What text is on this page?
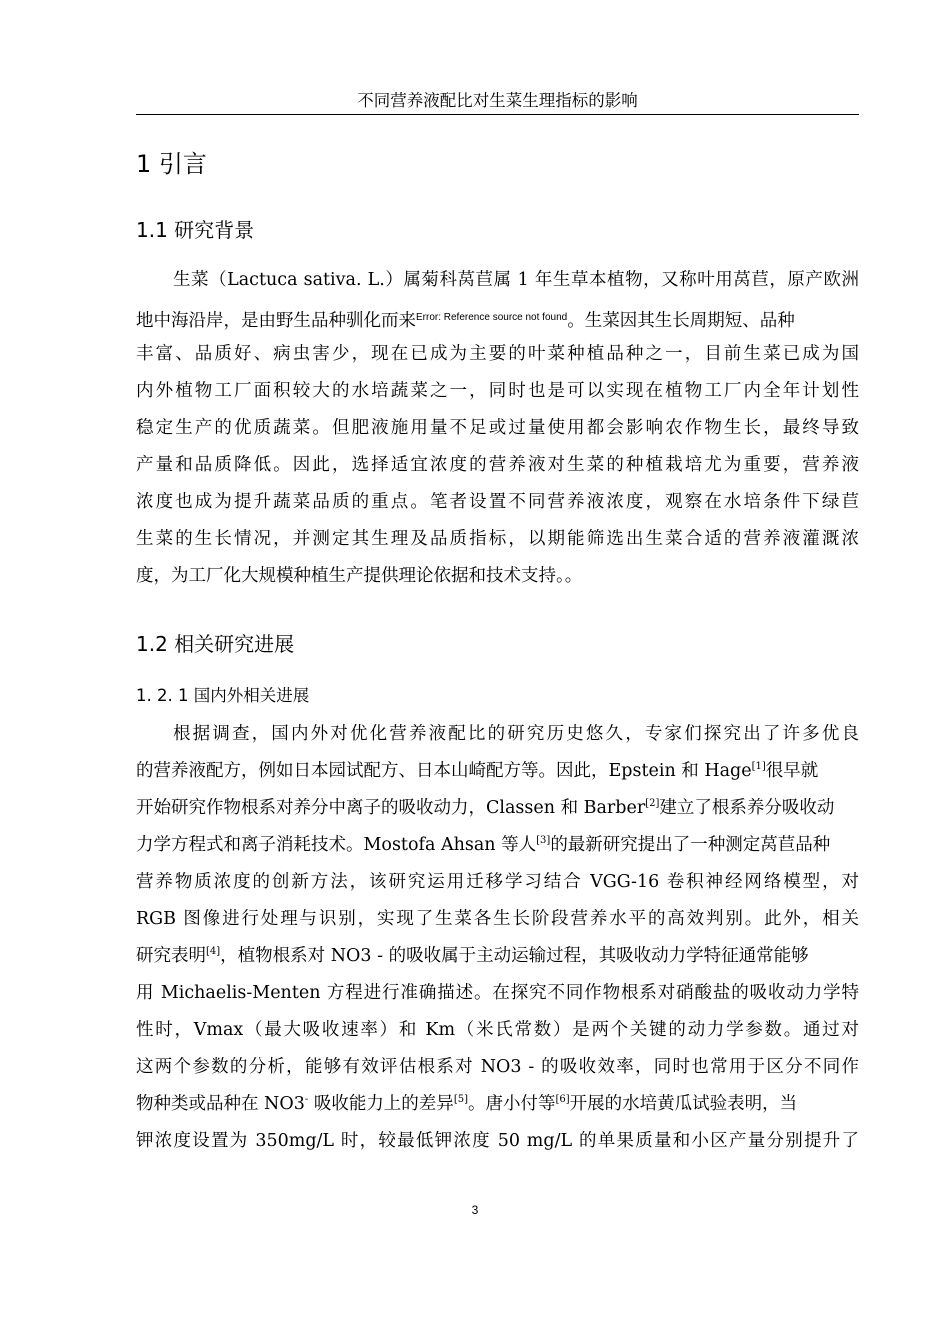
不同营养液配比对生菜生理指标的影响
1 引言
1.1 研究背景
生菜（Lactuca sativa. L.）属菊科莴苣属 1 年生草本植物，又称叶用莴苣，原产欧洲
地中海沿岸，是由野生品种驯化而来$^{Error: Reference source not found}$。生菜因其生长周期短、品种
丰富、品质好、病虫害少，现在已成为主要的叶菜种植品种之一，目前生菜已成为国
内外植物工厂面积较大的水培蔬菜之一，同时也是可以实现在植物工厂内全年计划性
稳定生产的优质蔬菜。但肥液施用量不足或过量使用都会影响农作物生长，最终导致
产量和品质降低。因此，选择适宜浓度的营养液对生菜的种植栽培尤为重要，营养液
浓度也成为提升蔬菜品质的重点。笔者设置不同营养液浓度，观察在水培条件下绿苣
生菜的生长情况，并测定其生理及品质指标，以期能筛选出生菜合适的营养液灌溉浓
度，为工厂化大规模种植生产提供理论依据和技术支持。。
1.2 相关研究进展
1. 2. 1 国内外相关进展
根据调查，国内外对优化营养液配比的研究历史悠久，专家们探究出了许多优良
的营养液配方，例如日本园试配方、日本山崎配方等。因此，Epstein 和 Hage[1]很早就
开始研究作物根系对养分中离子的吸收动力，Classen 和 Barber[2]建立了根系养分吸收动
力学方程式和离子消耗技术。Mostofa Ahsan 等人[3]的最新研究提出了一种测定莴苣品种
营养物质浓度的创新方法，该研究运用迁移学习结合 VGG-16 卷积神经网络模型，对
RGB 图像进行处理与识别，实现了生菜各生长阶段营养水平的高效判别。此外，相关
研究表明[4]，植物根系对 NO3 - 的吸收属于主动运输过程，其吸收动力学特征通常能够
用 Michaelis-Menten 方程进行准确描述。在探究不同作物根系对硝酸盐的吸收动力学特
性时，Vmax（最大吸收速率）和 Km（米氏常数）是两个关键的动力学参数。通过对
这两个参数的分析，能够有效评估根系对 NO3 - 的吸收效率，同时也常用于区分不同作
物种类或品种在 NO3- 吸收能力上的差异[5]。唐小付等[6]开展的水培黄瓜试验表明，当
钾浓度设置为 350mg/L 时，较最低钾浓度 50 mg/L 的单果质量和小区产量分别提升了
3
